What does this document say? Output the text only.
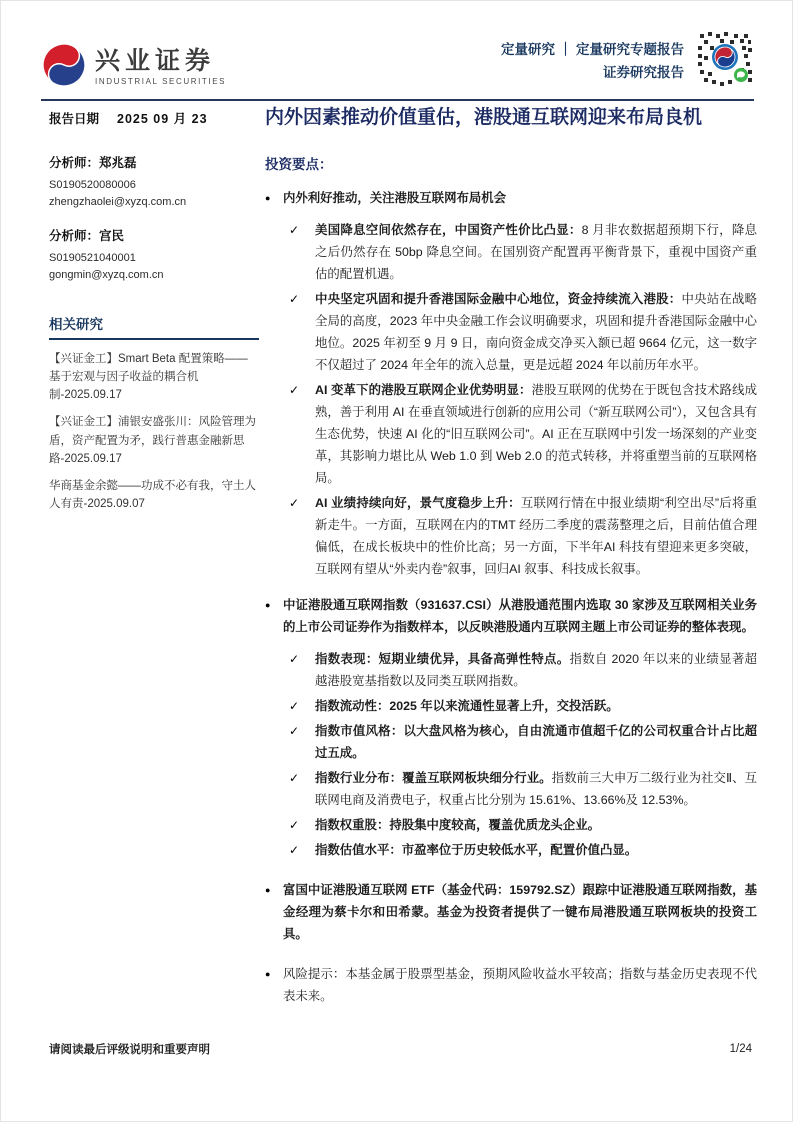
兴业证券
INDUSTRIAL SECURITIES
定量研究 ｜ 定量研究专题报告
证券研究报告
报告日期 2025 09 月 23
分析师：郑兆磊
S0190520080006
zhengzhaolei@xyzq.com.cn
分析师：宫民
S0190521040001
gongmin@xyzq.com.cn
相关研究
【兴证金工】Smart Beta 配置策略——基于宏观与因子收益的耦合机制-2025.09.17
【兴证金工】浦银安盛张川：风险管理为盾，资产配置为矛，践行普惠金融新思路-2025.09.17
华商基金余懿——功成不必有我，守土人人有责-2025.09.07
内外因素推动价值重估，港股通互联网迎来布局良机
投资要点：
●	内外利好推动，关注港股互联网布局机会
✓	美国降息空间依然存在，中国资产性价比凸显：8 月非农数据超预期下行，降息之后仍然存在 50bp 降息空间。在国别资产配置再平衡背景下，重视中国资产重估的配置机遇。
✓	中央坚定巩固和提升香港国际金融中心地位，资金持续流入港股：中央站在战略全局的高度，2023 年中央金融工作会议明确要求，巩固和提升香港国际金融中心地位。2025 年初至 9 月 9 日，南向资金成交净买入额已超 9664 亿元，这一数字不仅超过了 2024 年全年的流入总量，更是远超 2024 年以前历年水平。
✓	AI 变革下的港股互联网企业优势明显：港股互联网的优势在于既包含技术路线成熟，善于利用 AI 在垂直领域进行创新的应用公司（“新互联网公司”），又包含具有生态优势，快速 AI 化的“旧互联网公司”。AI 正在互联网中引发一场深刻的产业变革，其影响力堪比从 Web 1.0 到 Web 2.0 的范式转移，并将重塑当前的互联网格局。
✓	AI 业绩持续向好，景气度稳步上升：互联网行情在中报业绩期“利空出尽”后将重新走牛。一方面，互联网在内的TMT 经历二季度的震荡整理之后，目前估值合理偏低，在成长板块中的性价比高；另一方面，下半年AI 科技有望迎来更多突破，互联网有望从“外卖内卷”叙事，回归AI 叙事、科技成长叙事。
●	中证港股通互联网指数（931637.CSI）从港股通范围内选取 30 家涉及互联网相关业务的上市公司证券作为指数样本，以反映港股通内互联网主题上市公司证券的整体表现。
✓	指数表现：短期业绩优异，具备高弹性特点。指数自 2020 年以来的业绩显著超越港股宽基指数以及同类互联网指数。
✓	指数流动性：2025 年以来流通性显著上升，交投活跃。
✓	指数市值风格：以大盘风格为核心，自由流通市值超千亿的公司权重合计占比超过五成。
✓	指数行业分布：覆盖互联网板块细分行业。指数前三大申万二级行业为社交Ⅱ、互联网电商及消费电子，权重占比分别为 15.61%、13.66%及 12.53%。
✓	指数权重股：持股集中度较高，覆盖优质龙头企业。
✓	指数估值水平：市盈率位于历史较低水平，配置价值凸显。
●	富国中证港股通互联网 ETF（基金代码：159792.SZ）跟踪中证港股通互联网指数，基金经理为蔡卡尔和田希蒙。基金为投资者提供了一键布局港股通互联网板块的投资工具。
●	风险提示：本基金属于股票型基金，预期风险收益水平较高；指数与基金历史表现不代表未来。
请阅读最后评级说明和重要声明	1/24
